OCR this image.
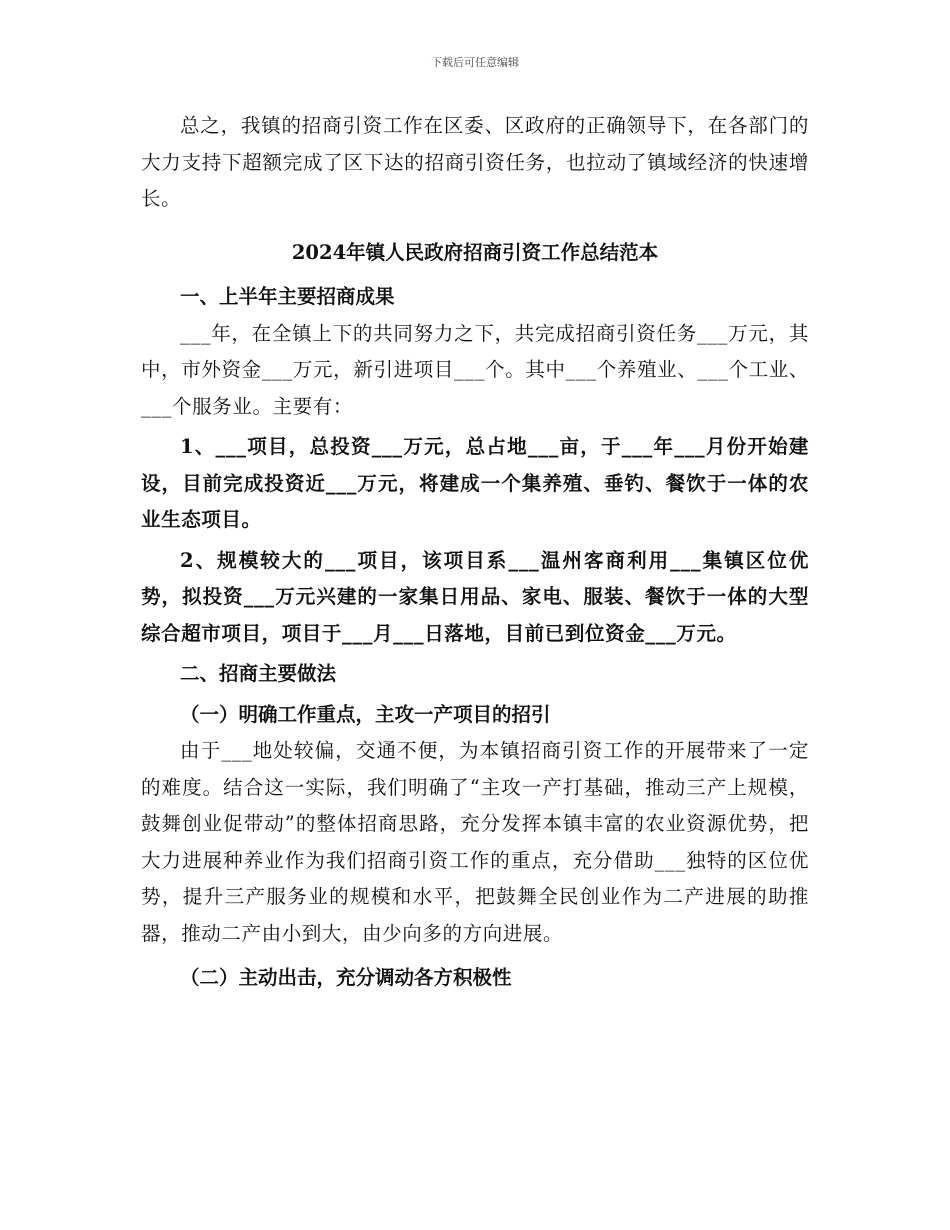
下载后可任意编辑

总之，我镇的招商引资工作在区委、区政府的正确领导下，在各部门的大力支持下超额完成了区下达的招商引资任务，也拉动了镇域经济的快速增长。

2024年镇人民政府招商引资工作总结范本

一、上半年主要招商成果

___年，在全镇上下的共同努力之下，共完成招商引资任务___万元，其中，市外资金___万元，新引进项目___个。其中___个养殖业、___个工业、___个服务业。主要有：

1、___项目，总投资___万元，总占地___亩，于___年___月份开始建设，目前完成投资近___万元，将建成一个集养殖、垂钓、餐饮于一体的农业生态项目。

2、规模较大的___项目，该项目系___温州客商利用___集镇区位优势，拟投资___万元兴建的一家集日用品、家电、服装、餐饮于一体的大型综合超市项目，项目于___月___日落地，目前已到位资金___万元。

二、招商主要做法

（一）明确工作重点，主攻一产项目的招引

由于___地处较偏，交通不便，为本镇招商引资工作的开展带来了一定的难度。结合这一实际，我们明确了“主攻一产打基础，推动三产上规模，鼓舞创业促带动”的整体招商思路，充分发挥本镇丰富的农业资源优势，把大力进展种养业作为我们招商引资工作的重点，充分借助___独特的区位优势，提升三产服务业的规模和水平，把鼓舞全民创业作为二产进展的助推器，推动二产由小到大，由少向多的方向进展。

（二）主动出击，充分调动各方积极性
